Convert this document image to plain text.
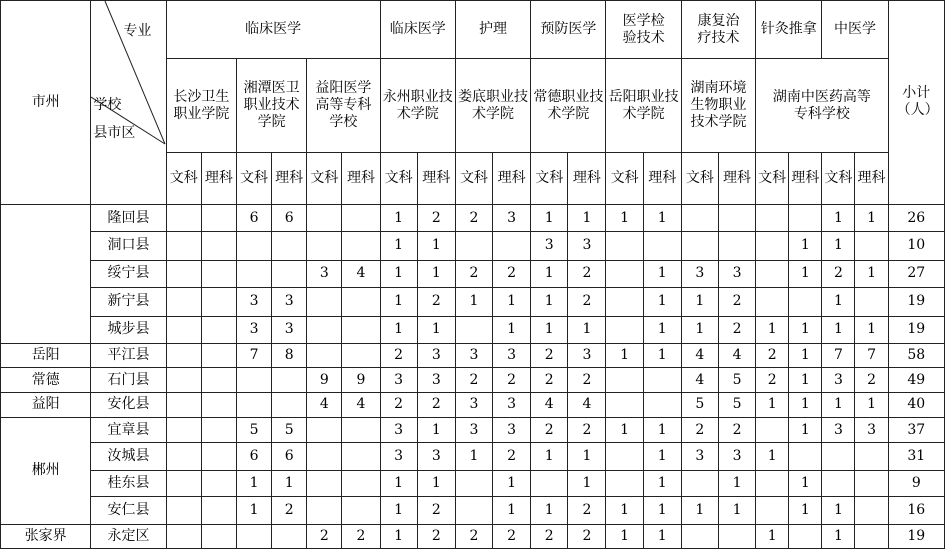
市州	专业
学校
县市区	临床医学						临床医学		护理		预防医学		医学检验技术		康复治疗技术		针灸推拿		中医学		小计（人）
		长沙卫生职业学院		湘潭医卫职业技术学院		益阳医学高等专科学校		永州职业技术学院		娄底职业技术学院		常德职业技术学院		岳阳职业技术学院		湖南环境生物职业技术学院		湖南中医药高等专科学校				
		文科	理科	文科	理科	文科	理科	文科	理科	文科	理科	文科	理科	文科	理科	文科	理科	文科	理科	文科	理科	
	隆回县			6	6			1	2	2	3	1	1	1	1					1	1	26
	洞口县							1	1			3	3						1	1		10
	绥宁县					3	4	1	1	2	2	1	2		1	3	3		1	2	1	27
	新宁县			3	3			1	2	1	1	1	2		1	1	2			1		19
	城步县			3	3			1	1		1	1	1		1	1	2	1	1	1	1	19
岳阳	平江县			7	8			2	3	3	3	2	3	1	1	4	4	2	1	7	7	58
常德	石门县					9	9	3	3	2	2	2	2			4	5	2	1	3	2	49
益阳	安化县					4	4	2	2	3	3	4	4			5	5	1	1	1	1	40
郴州	宜章县			5	5			3	1	3	3	2	2	1	1	2	2		1	3	3	37
	汝城县			6	6			3	3	1	2	1	1		1	3	3	1				31
	桂东县			1	1			1	1		1		1		1		1		1			9
	安仁县			1	2			1	2		1	1	2	1	1	1	1		1	1		16
张家界	永定区					2	2	1	2	2	2	2	2	1	1			1		1		19
